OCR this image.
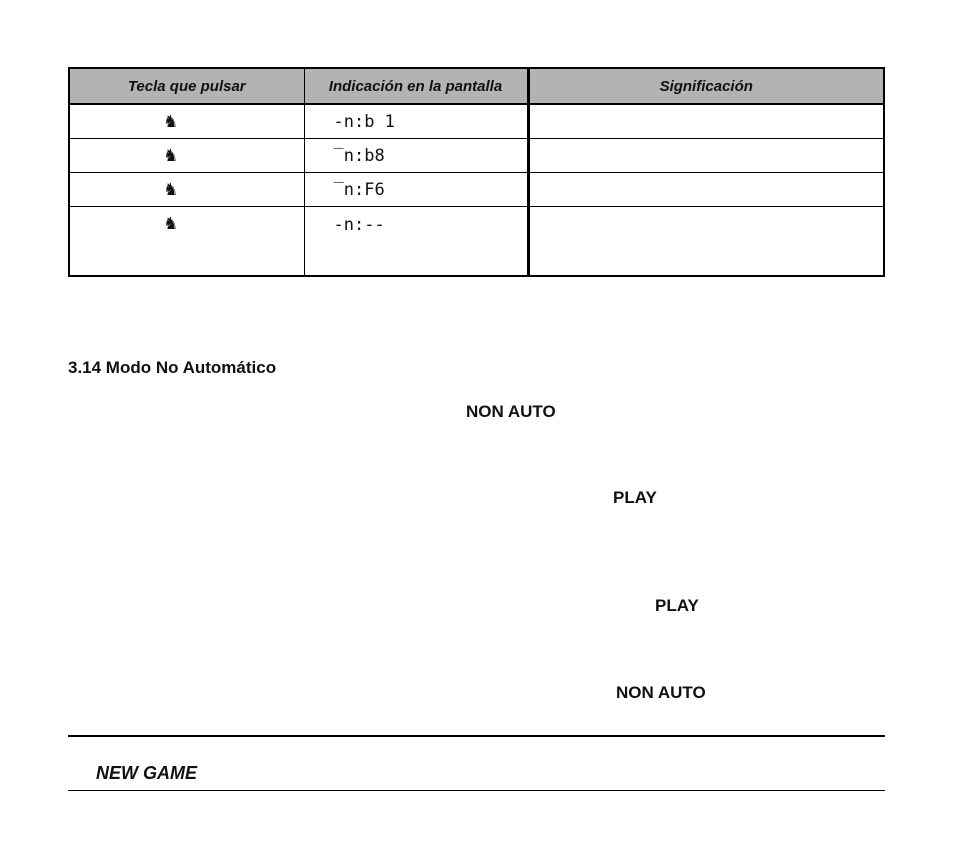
Tecla que pulsar	Indicación en la pantalla	Significación
♞	-n:b 1	
♞	‾n:b8	
♞	‾n:F6	
♞	-n:--	
3.14 Modo No Automático
NON AUTO
PLAY
PLAY
NON AUTO
NEW GAME
